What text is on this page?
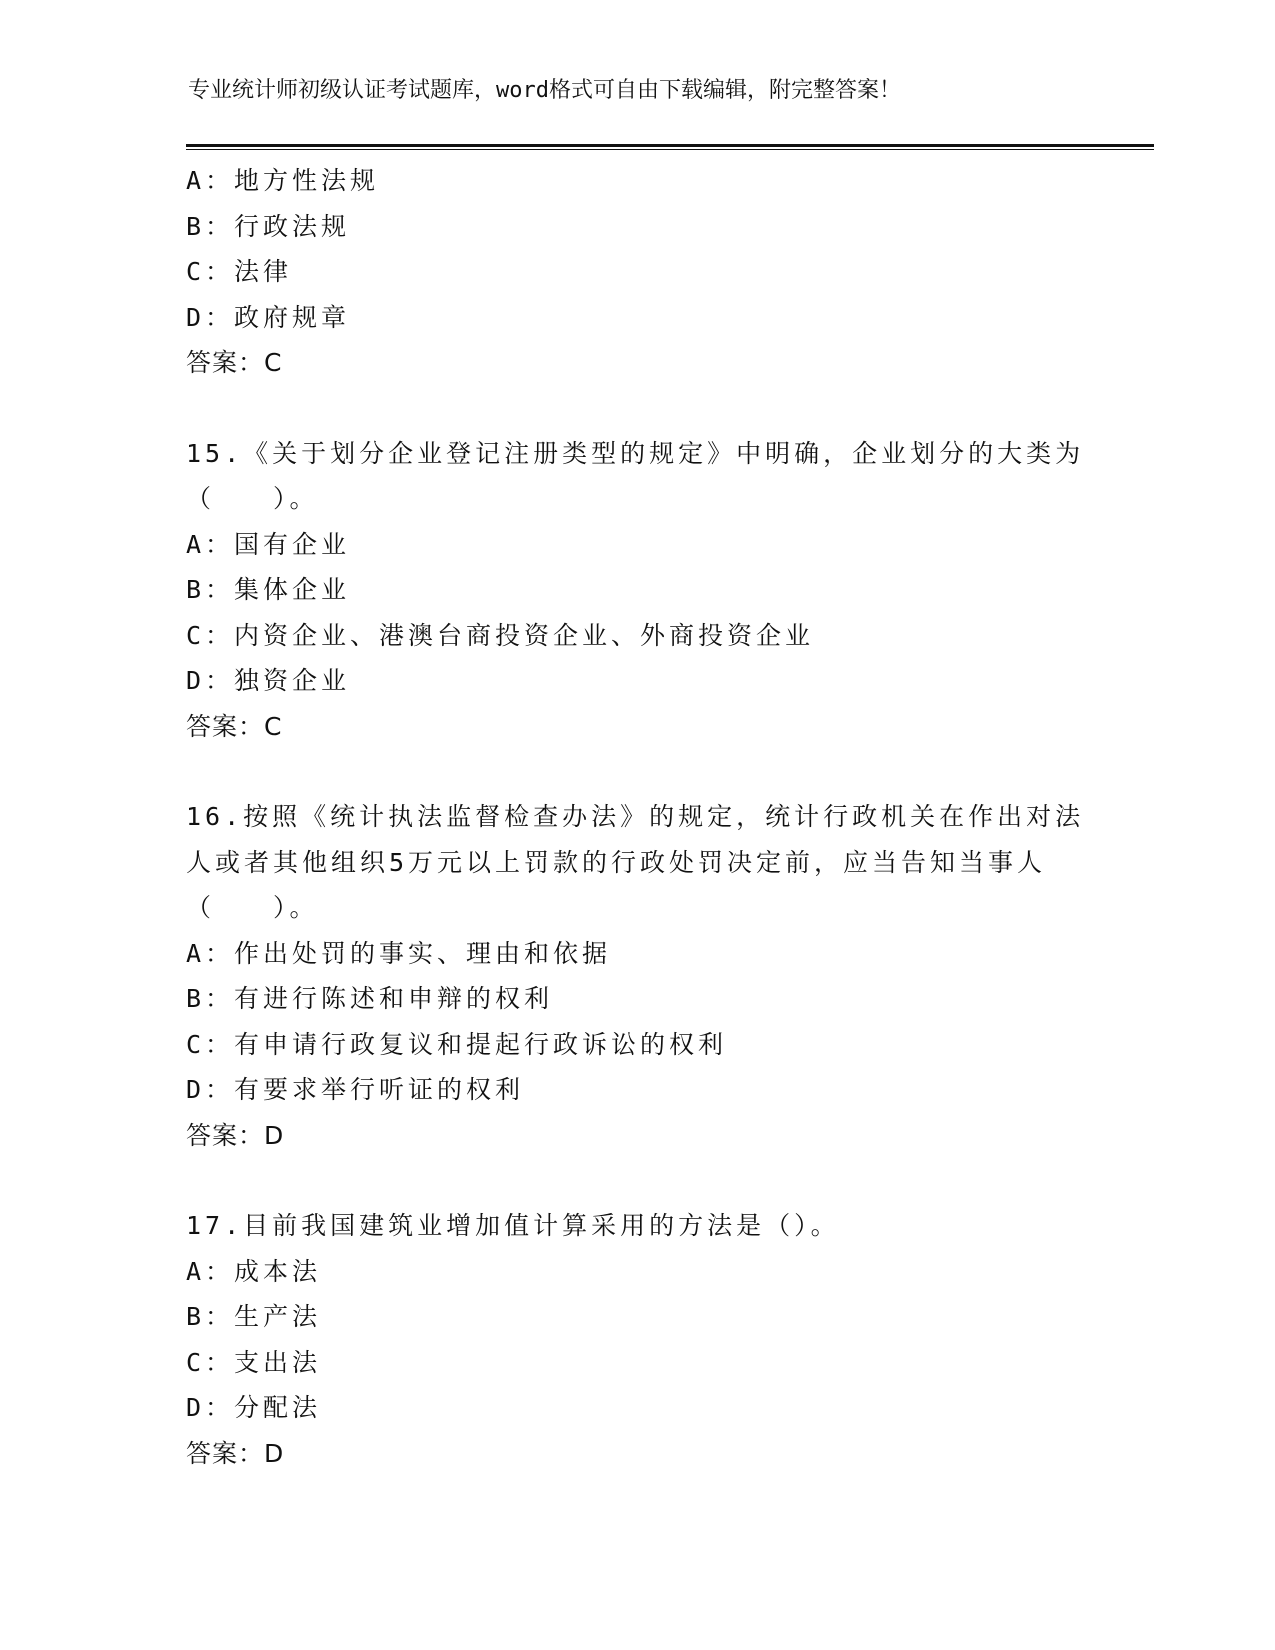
专业统计师初级认证考试题库，word格式可自由下载编辑，附完整答案！
A：地方性法规
B：行政法规
C：法律
D：政府规章
答案：C
15.《关于划分企业登记注册类型的规定》中明确，企业划分的大类为
（　　）。
A：国有企业
B：集体企业
C：内资企业、港澳台商投资企业、外商投资企业
D：独资企业
答案：C
16.按照《统计执法监督检查办法》的规定，统计行政机关在作出对法
人或者其他组织5万元以上罚款的行政处罚决定前，应当告知当事人
（　　）。
A：作出处罚的事实、理由和依据
B：有进行陈述和申辩的权利
C：有申请行政复议和提起行政诉讼的权利
D：有要求举行听证的权利
答案：D
17.目前我国建筑业增加值计算采用的方法是（）。
A：成本法
B：生产法
C：支出法
D：分配法
答案：D
